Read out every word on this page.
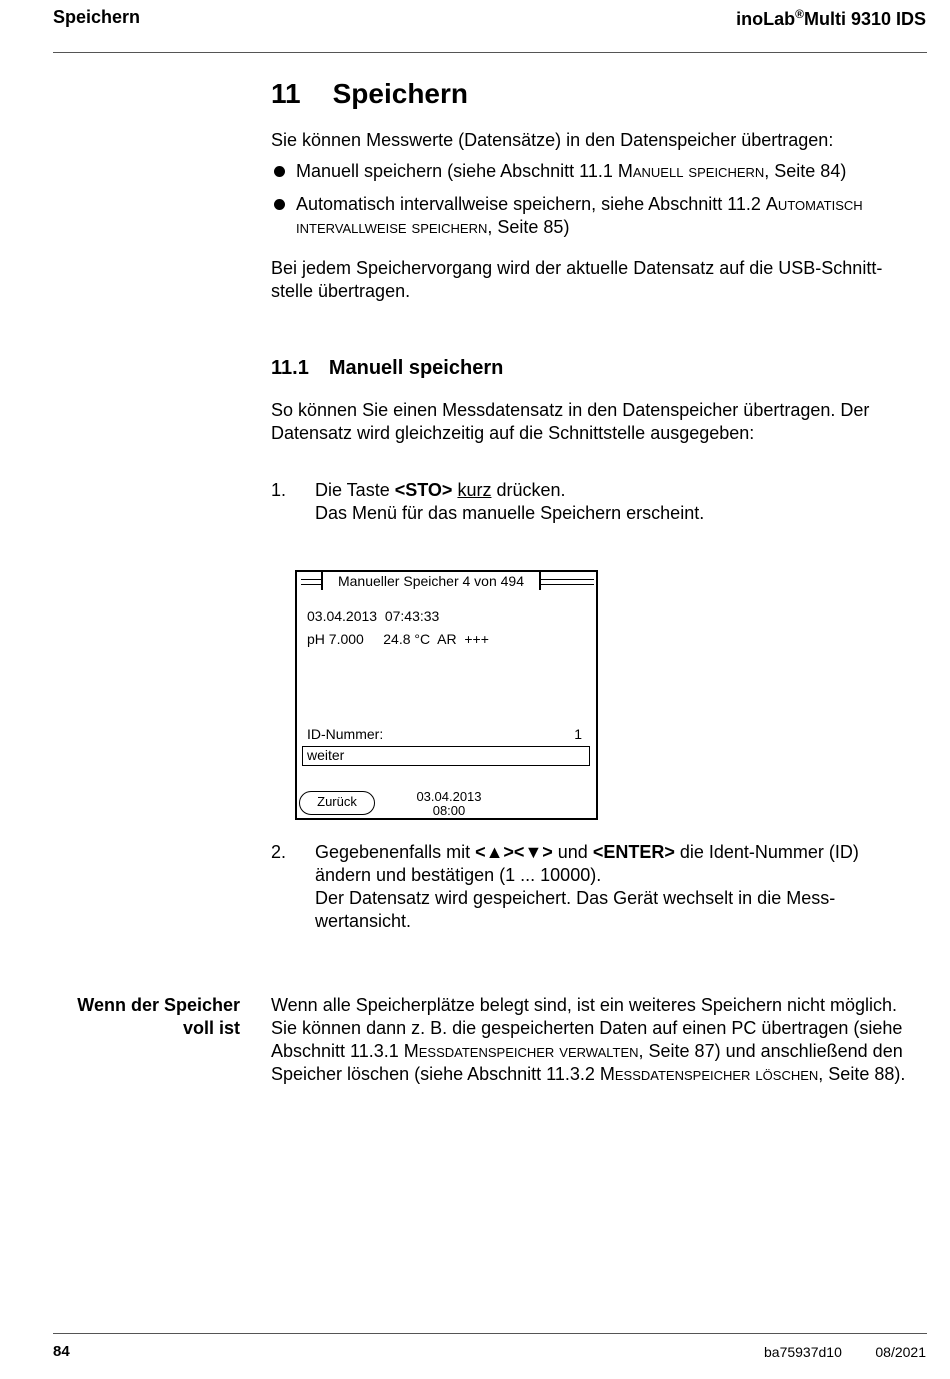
Speichern	inoLab®Multi 9310 IDS
11 Speichern
Sie können Messwerte (Datensätze) in den Datenspeicher übertragen:
Manuell speichern (siehe Abschnitt 11.1 Manuell speichern, Seite 84)
Automatisch intervallweise speichern, siehe Abschnitt 11.2 Automatisch intervallweise speichern, Seite 85)
Bei jedem Speichervorgang wird der aktuelle Datensatz auf die USB-Schnitt-stelle übertragen.
11.1 Manuell speichern
So können Sie einen Messdatensatz in den Datenspeicher übertragen. Der Datensatz wird gleichzeitig auf die Schnittstelle ausgegeben:
1. Die Taste <STO> kurz drücken.
Das Menü für das manuelle Speichern erscheint.
Manueller Speicher 4 von 494
03.04.2013  07:43:33
pH 7.000     24.8 °C  AR  +++
ID-Nummer:	1
weiter
Zurück	03.04.2013
08:00
2. Gegebenenfalls mit <▲><▼> und <ENTER> die Ident-Nummer (ID) ändern und bestätigen (1 ... 10000).
Der Datensatz wird gespeichert. Das Gerät wechselt in die Mess-wertansicht.
Wenn der Speicher
voll ist
Wenn alle Speicherplätze belegt sind, ist ein weiteres Speichern nicht möglich. Sie können dann z. B. die gespeicherten Daten auf einen PC übertragen (siehe Abschnitt 11.3.1 Messdatenspeicher verwalten, Seite 87) und anschließend den Speicher löschen (siehe Abschnitt 11.3.2 Messdatenspeicher löschen, Seite 88).
84	ba75937d10 08/2021
